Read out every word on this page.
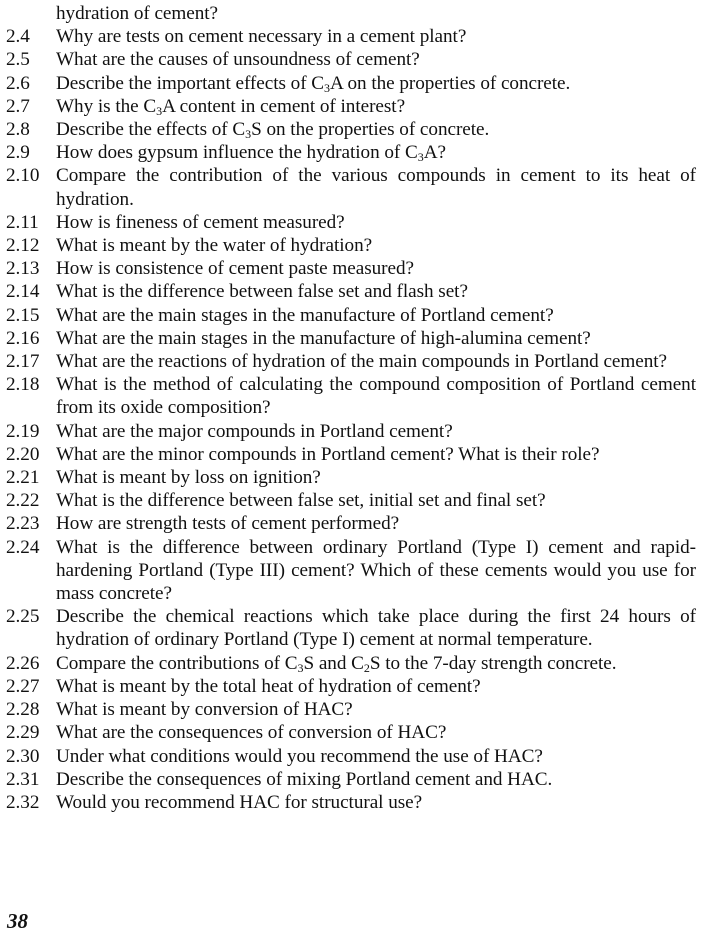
hydration of cement?
2.4	Why are tests on cement necessary in a cement plant?
2.5	What are the causes of unsoundness of cement?
2.6	Describe the important effects of $C_3A$ on the properties of concrete.
2.7	Why is the $C_3A$ content in cement of interest?
2.8	Describe the effects of $C_3S$ on the properties of concrete.
2.9	How does gypsum influence the hydration of $C_3A$?
2.10 Compare the contribution of the various compounds in cement to its heat of hydration.
2.11 How is fineness of cement measured?
2.12 What is meant by the water of hydration?
2.13 How is consistence of cement paste measured?
2.14 What is the difference between false set and flash set?
2.15 What are the main stages in the manufacture of Portland cement?
2.16 What are the main stages in the manufacture of high-alumina cement?
2.17 What are the reactions of hydration of the main compounds in Portland cement?
2.18 What is the method of calculating the compound composition of Portland cement from its oxide composition?
2.19 What are the major compounds in Portland cement?
2.20 What are the minor compounds in Portland cement? What is their role?
2.21 What is meant by loss on ignition?
2.22 What is the difference between false set, initial set and final set?
2.23 How are strength tests of cement performed?
2.24 What is the difference between ordinary Portland (Type I) cement and rapid-hardening Portland (Type III) cement? Which of these cements would you use for mass concrete?
2.25 Describe the chemical reactions which take place during the first 24 hours of hydration of ordinary Portland (Type I) cement at normal temperature.
2.26 Compare the contributions of $C_3S$ and $C_2S$ to the 7-day strength concrete.
2.27 What is meant by the total heat of hydration of cement?
2.28 What is meant by conversion of HAC?
2.29 What are the consequences of conversion of HAC?
2.30 Under what conditions would you recommend the use of HAC?
2.31 Describe the consequences of mixing Portland cement and HAC.
2.32 Would you recommend HAC for structural use?
38
